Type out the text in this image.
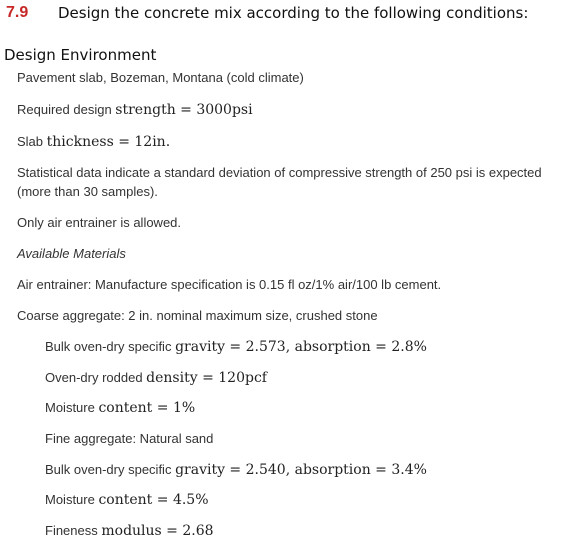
7.9	Design the concrete mix according to the following conditions:
Design Environment
Pavement slab, Bozeman, Montana (cold climate)
Required design strength = 3000psi
Slab thickness = 12in.
Statistical data indicate a standard deviation of compressive strength of 250 psi is expected
(more than 30 samples).
Only air entrainer is allowed.
Available Materials
Air entrainer: Manufacture specification is 0.15 fl oz/1% air/100 lb cement.
Coarse aggregate: 2 in. nominal maximum size, crushed stone
Bulk oven-dry specific gravity = 2.573, absorption = 2.8%
Oven-dry rodded density = 120pcf
Moisture content = 1%
Fine aggregate: Natural sand
Bulk oven-dry specific gravity = 2.540, absorption = 3.4%
Moisture content = 4.5%
Fineness modulus = 2.68
